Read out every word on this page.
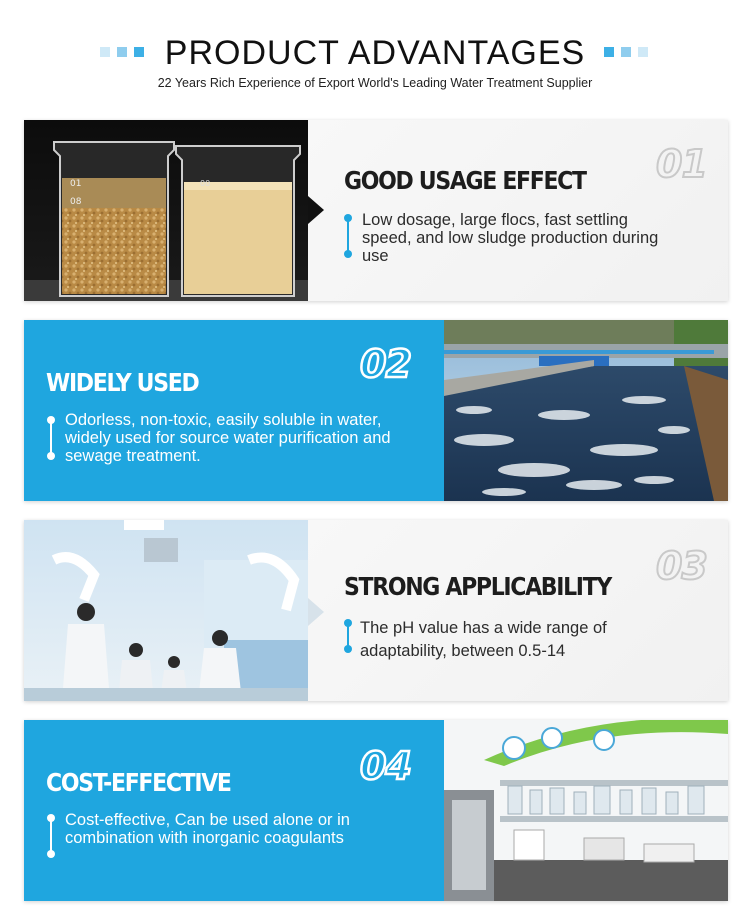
PRODUCT ADVANTAGES
22 Years Rich Experience of Export World's Leading Water Treatment Supplier
01
08
00	01
GOOD USAGE EFFECT
Low dosage, large flocs, fast settling speed, and low sludge production during use
02
WIDELY USED
Odorless, non-toxic, easily soluble in water, widely used for source water purification and sewage treatment.
03
STRONG APPLICABILITY
The pH value has a wide range of adaptability, between 0.5-14
04
COST-EFFECTIVE
Cost-effective, Can be used alone or in combination with inorganic coagulants
